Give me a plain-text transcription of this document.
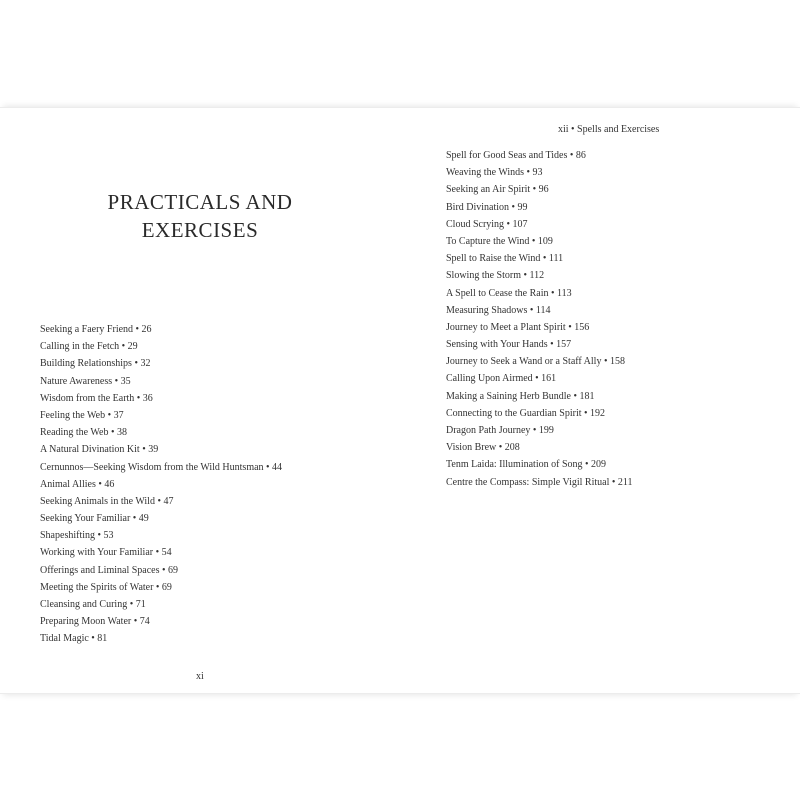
xii • Spells and Exercises
PRACTICALS AND
EXERCISES
Seeking a Faery Friend • 26
Calling in the Fetch • 29
Building Relationships • 32
Nature Awareness • 35
Wisdom from the Earth • 36
Feeling the Web • 37
Reading the Web • 38
A Natural Divination Kit • 39
Cernunnos—Seeking Wisdom from the Wild Huntsman • 44
Animal Allies • 46
Seeking Animals in the Wild • 47
Seeking Your Familiar • 49
Shapeshifting • 53
Working with Your Familiar • 54
Offerings and Liminal Spaces • 69
Meeting the Spirits of Water • 69
Cleansing and Curing • 71
Preparing Moon Water • 74
Tidal Magic • 81
Spell for Good Seas and Tides • 86
Weaving the Winds • 93
Seeking an Air Spirit • 96
Bird Divination • 99
Cloud Scrying • 107
To Capture the Wind • 109
Spell to Raise the Wind • 111
Slowing the Storm • 112
A Spell to Cease the Rain • 113
Measuring Shadows • 114
Journey to Meet a Plant Spirit • 156
Sensing with Your Hands • 157
Journey to Seek a Wand or a Staff Ally • 158
Calling Upon Airmed • 161
Making a Saining Herb Bundle • 181
Connecting to the Guardian Spirit • 192
Dragon Path Journey • 199
Vision Brew • 208
Tenm Laida: Illumination of Song • 209
Centre the Compass: Simple Vigil Ritual • 211
xi
